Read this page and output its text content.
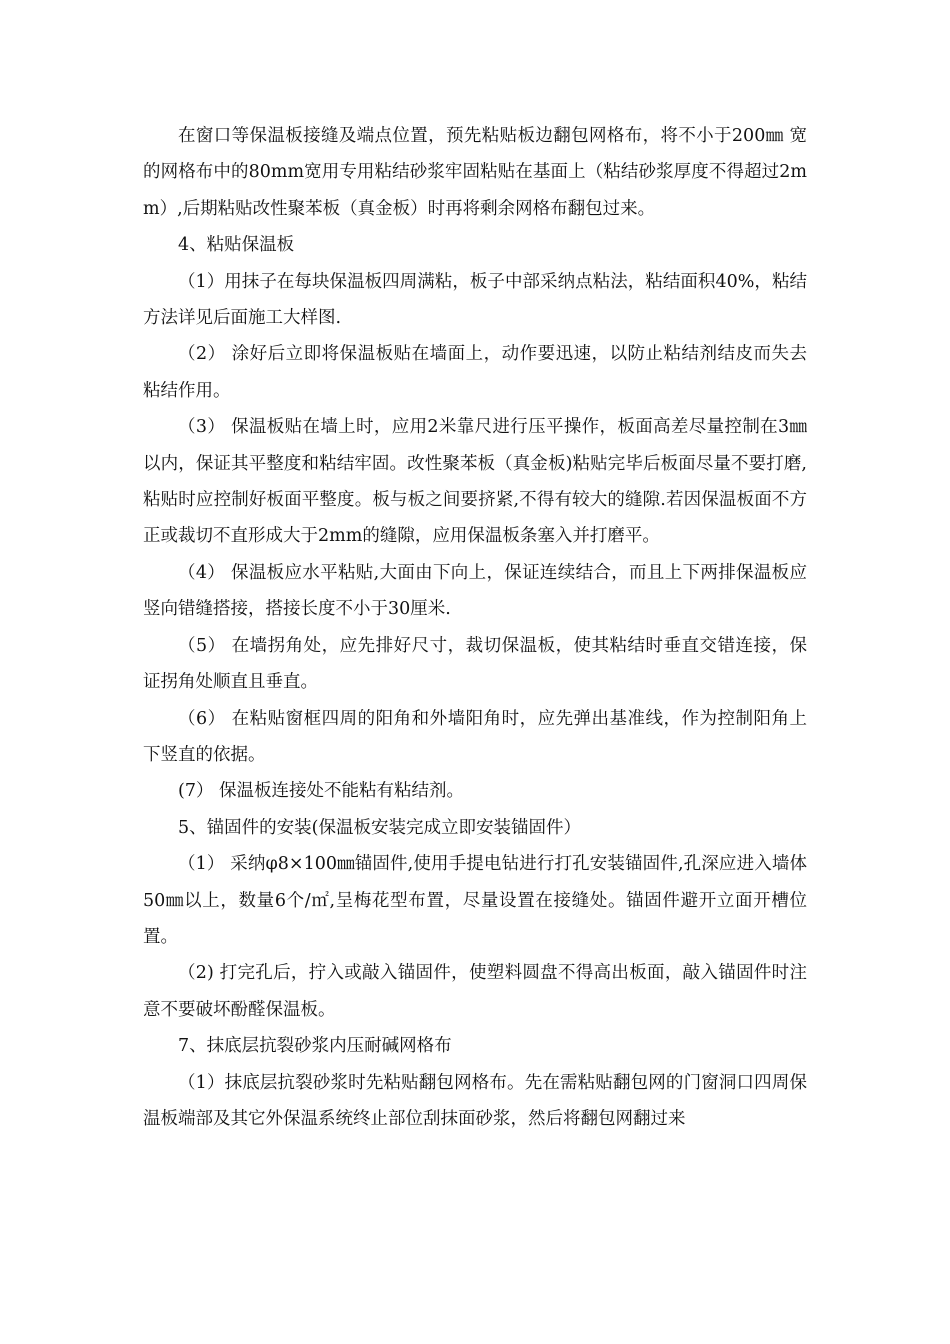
在窗口等保温板接缝及端点位置，预先粘贴板边翻包网格布，将不小于200㎜ 宽的网格布中的80mm宽用专用粘结砂浆牢固粘贴在基面上（粘结砂浆厚度不得超过2mm）,后期粘贴改性聚苯板（真金板）时再将剩余网格布翻包过来。

4、粘贴保温板

（1）用抹子在每块保温板四周满粘，板子中部采纳点粘法，粘结面积40%，粘结方法详见后面施工大样图.

（2） 涂好后立即将保温板贴在墙面上，动作要迅速，以防止粘结剂结皮而失去粘结作用。

（3） 保温板贴在墙上时，应用2米靠尺进行压平操作，板面高差尽量控制在3㎜以内，保证其平整度和粘结牢固。改性聚苯板（真金板)粘贴完毕后板面尽量不要打磨,粘贴时应控制好板面平整度。板与板之间要挤紧,不得有较大的缝隙.若因保温板面不方正或裁切不直形成大于2mm的缝隙，应用保温板条塞入并打磨平。

（4） 保温板应水平粘贴,大面由下向上，保证连续结合，而且上下两排保温板应竖向错缝搭接，搭接长度不小于30厘米.

（5） 在墙拐角处，应先排好尺寸，裁切保温板，使其粘结时垂直交错连接，保证拐角处顺直且垂直。

（6） 在粘贴窗框四周的阳角和外墙阳角时，应先弹出基准线，作为控制阳角上下竖直的依据。

(7） 保温板连接处不能粘有粘结剂。

5、锚固件的安装(保温板安装完成立即安装锚固件）

（1） 采纳φ8×100㎜锚固件,使用手提电钻进行打孔安装锚固件,孔深应进入墙体50㎜以上，数量6个/㎡,呈梅花型布置，尽量设置在接缝处。锚固件避开立面开槽位置。

（2) 打完孔后，拧入或敲入锚固件，使塑料圆盘不得高出板面，敲入锚固件时注意不要破坏酚醛保温板。

7、抹底层抗裂砂浆内压耐碱网格布

（1）抹底层抗裂砂浆时先粘贴翻包网格布。先在需粘贴翻包网的门窗洞口四周保温板端部及其它外保温系统终止部位刮抹面砂浆，然后将翻包网翻过来
